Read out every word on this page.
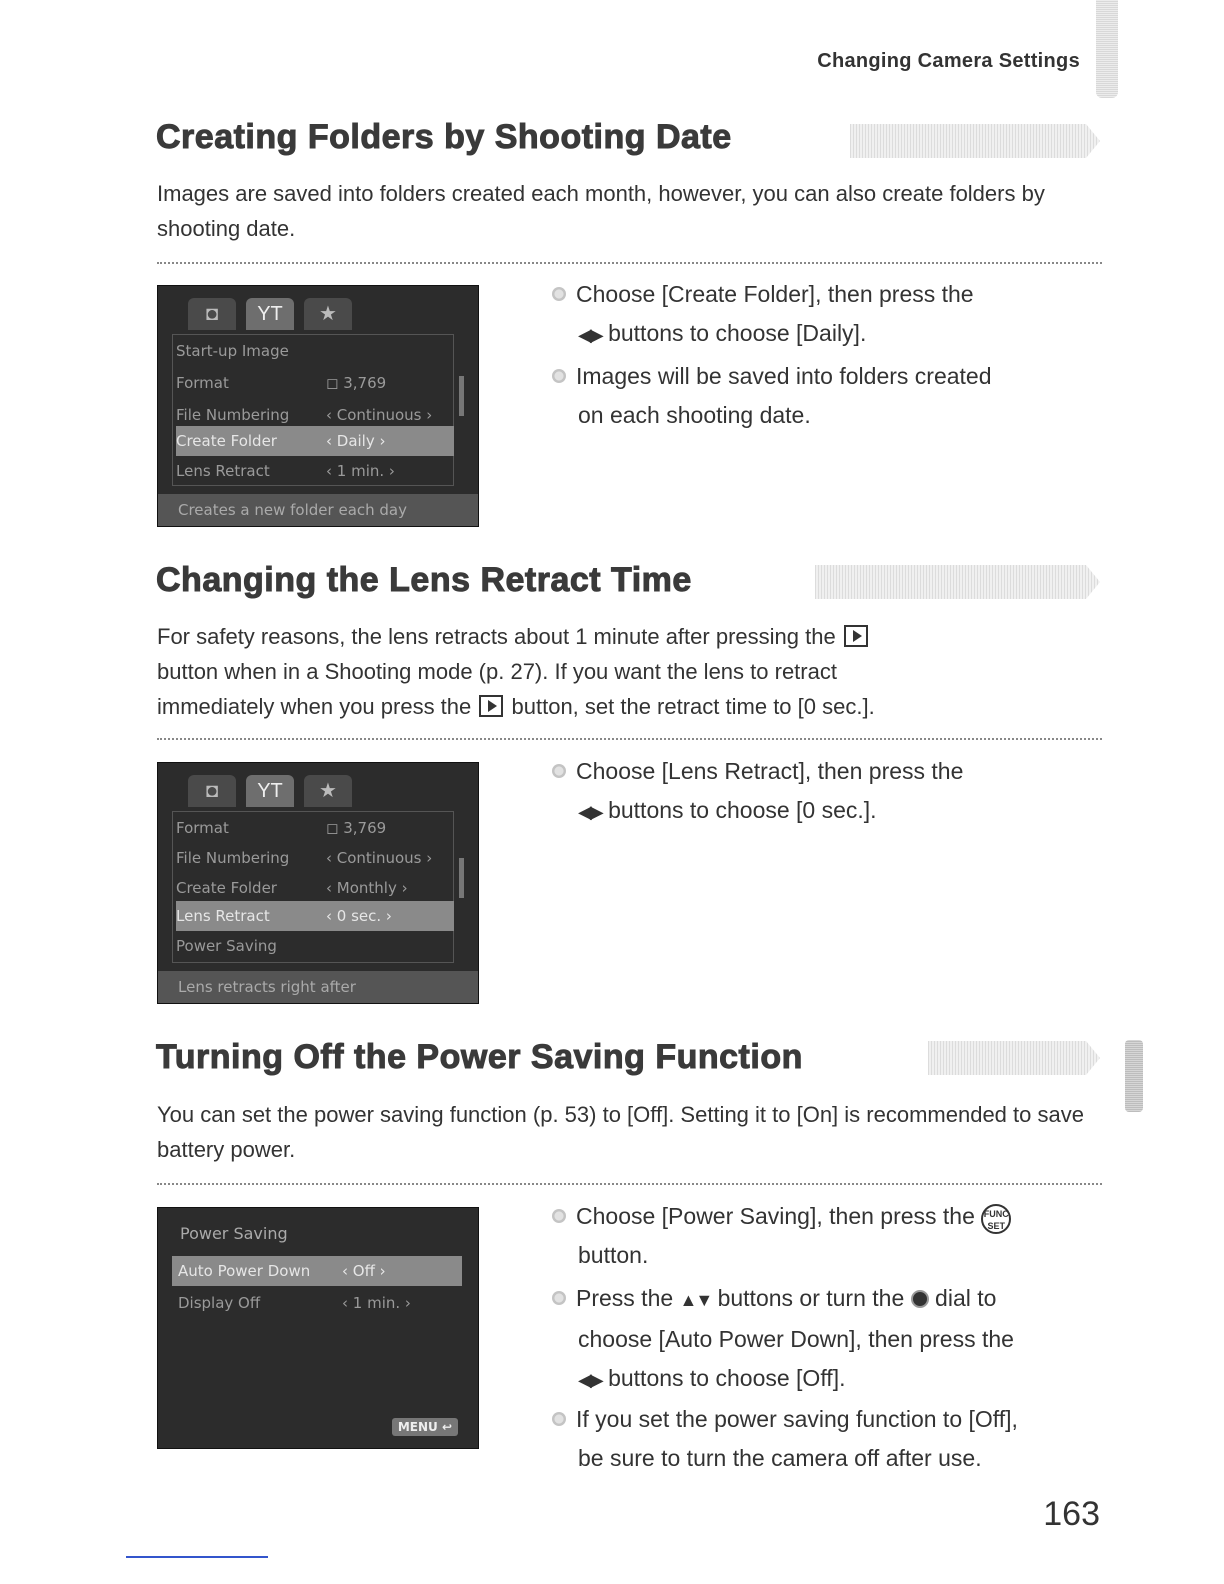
Changing Camera Settings
Creating Folders by Shooting Date
Images are saved into folders created each month, however, you can also create folders by shooting date.
◘	YT	★
Start-up Image
Format	◻ 3,769
File Numbering ‹ Continuous ›
Create Folder	‹ Daily ›
Lens Retract	‹ 1 min. ›
Creates a new folder each day
Choose [Create Folder], then press the
◀▶ buttons to choose [Daily].
Images will be saved into folders created
on each shooting date.
Changing the Lens Retract Time
For safety reasons, the lens retracts about 1 minute after pressing the
button when in a Shooting mode (p. 27). If you want the lens to retract
immediately when you press the button, set the retract time to [0 sec.].
◘	YT	★
Format	◻ 3,769
File Numbering ‹ Continuous ›
Create Folder	‹ Monthly ›
Lens Retract	‹ 0 sec. ›
Power Saving
Lens retracts right after
Choose [Lens Retract], then press the
◀▶ buttons to choose [0 sec.].
Turning Off the Power Saving Function
You can set the power saving function (p. 53) to [Off]. Setting it to [On] is recommended to save battery power.
Power Saving
Auto Power Down ‹ Off ›
Display Off	‹ 1 min. ›
MENU ↩
Choose [Power Saving], then press the FUNC SET
button.
Press the ▲▼ buttons or turn the dial to
choose [Auto Power Down], then press the
◀▶ buttons to choose [Off].
If you set the power saving function to [Off],
be sure to turn the camera off after use.
163
